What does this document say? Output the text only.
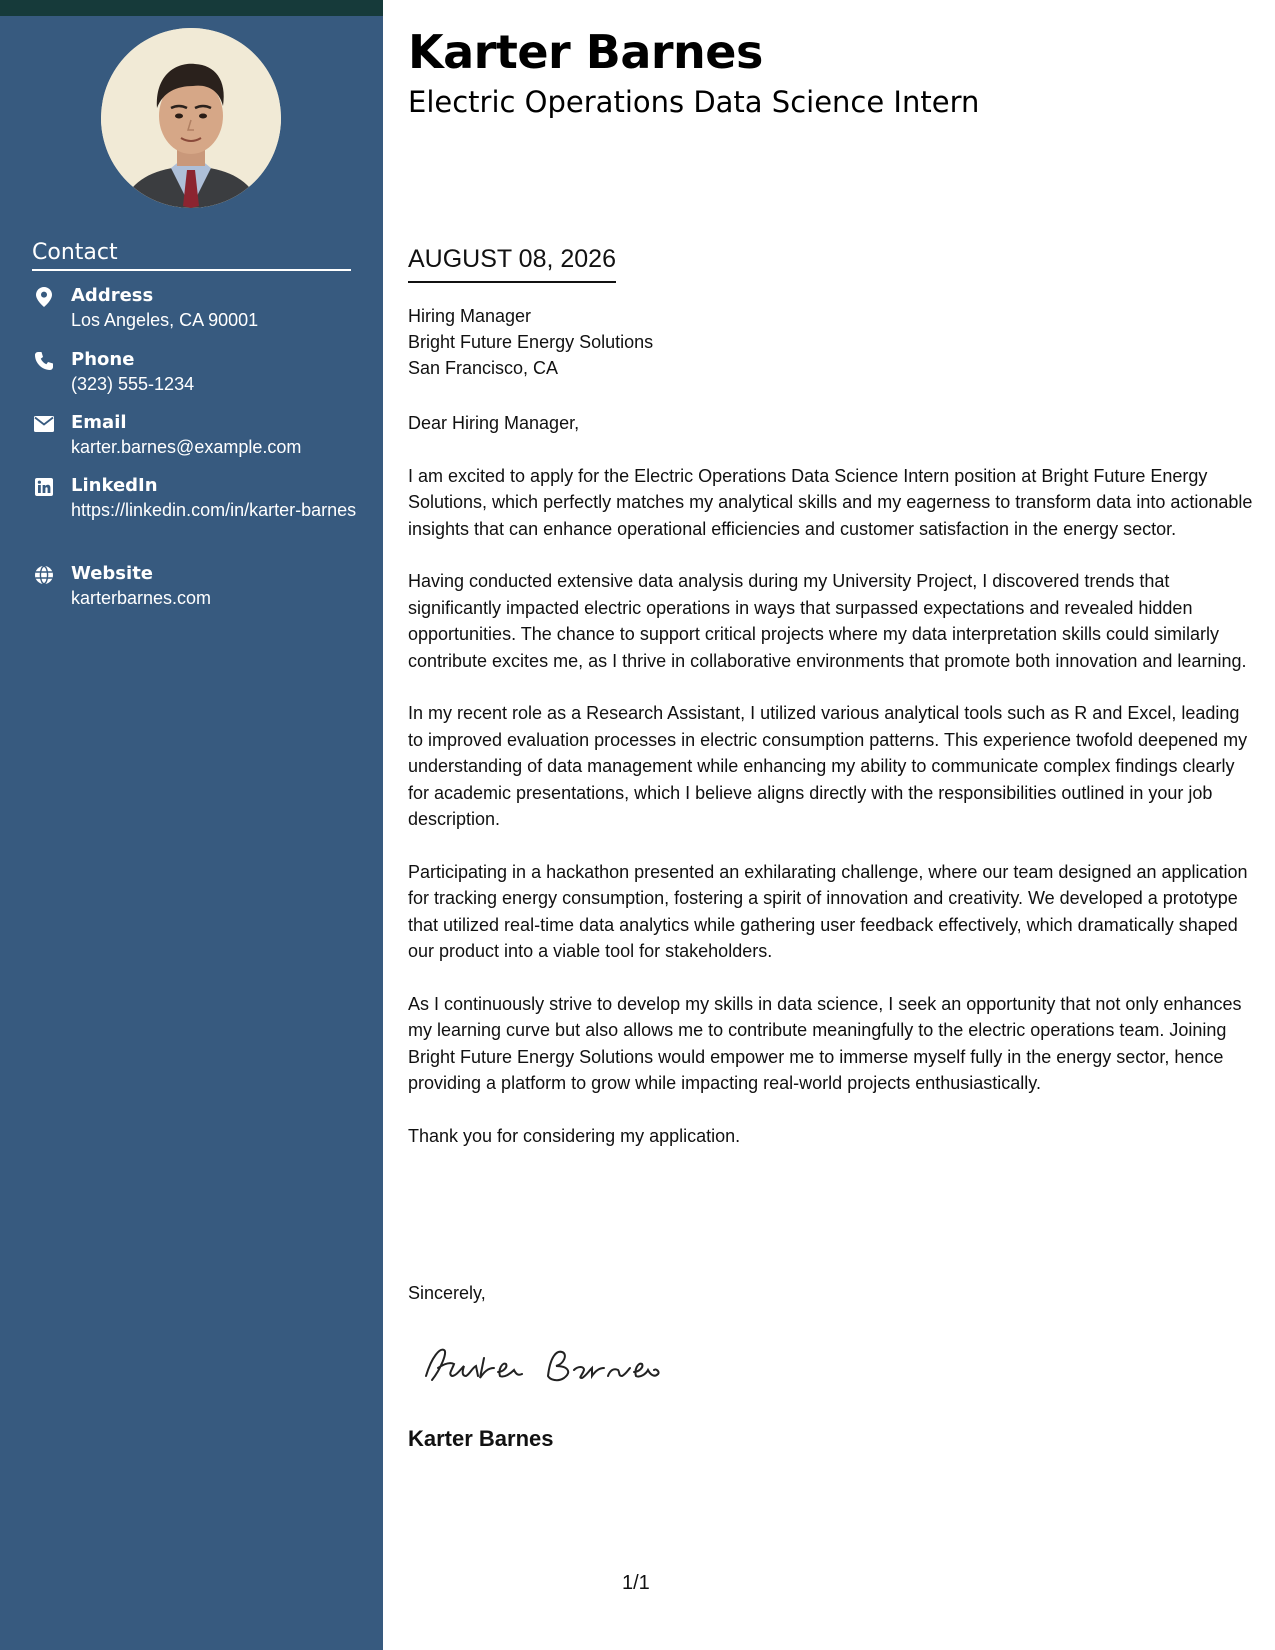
Contact
Address
Los Angeles, CA 90001
Phone
(323) 555-1234
Email
karter.barnes@example.com
LinkedIn
https://linkedin.com/in/karter-barnes
Website
karterbarnes.com
Karter Barnes
Electric Operations Data Science Intern
AUGUST 08, 2026
Hiring Manager
Bright Future Energy Solutions
San Francisco, CA

Dear Hiring Manager,

I am excited to apply for the Electric Operations Data Science Intern position at Bright Future Energy Solutions, which perfectly matches my analytical skills and my eagerness to transform data into actionable insights that can enhance operational efficiencies and customer satisfaction in the energy sector.

Having conducted extensive data analysis during my University Project, I discovered trends that significantly impacted electric operations in ways that surpassed expectations and revealed hidden opportunities. The chance to support critical projects where my data interpretation skills could similarly contribute excites me, as I thrive in collaborative environments that promote both innovation and learning.

In my recent role as a Research Assistant, I utilized various analytical tools such as R and Excel, leading to improved evaluation processes in electric consumption patterns. This experience twofold deepened my understanding of data management while enhancing my ability to communicate complex findings clearly for academic presentations, which I believe aligns directly with the responsibilities outlined in your job description.

Participating in a hackathon presented an exhilarating challenge, where our team designed an application for tracking energy consumption, fostering a spirit of innovation and creativity. We developed a prototype that utilized real-time data analytics while gathering user feedback effectively, which dramatically shaped our product into a viable tool for stakeholders.

As I continuously strive to develop my skills in data science, I seek an opportunity that not only enhances my learning curve but also allows me to contribute meaningfully to the electric operations team. Joining Bright Future Energy Solutions would empower me to immerse myself fully in the energy sector, hence providing a platform to grow while impacting real-world projects enthusiastically.

Thank you for considering my application.

Sincerely,
Karter Barnes
1/1
